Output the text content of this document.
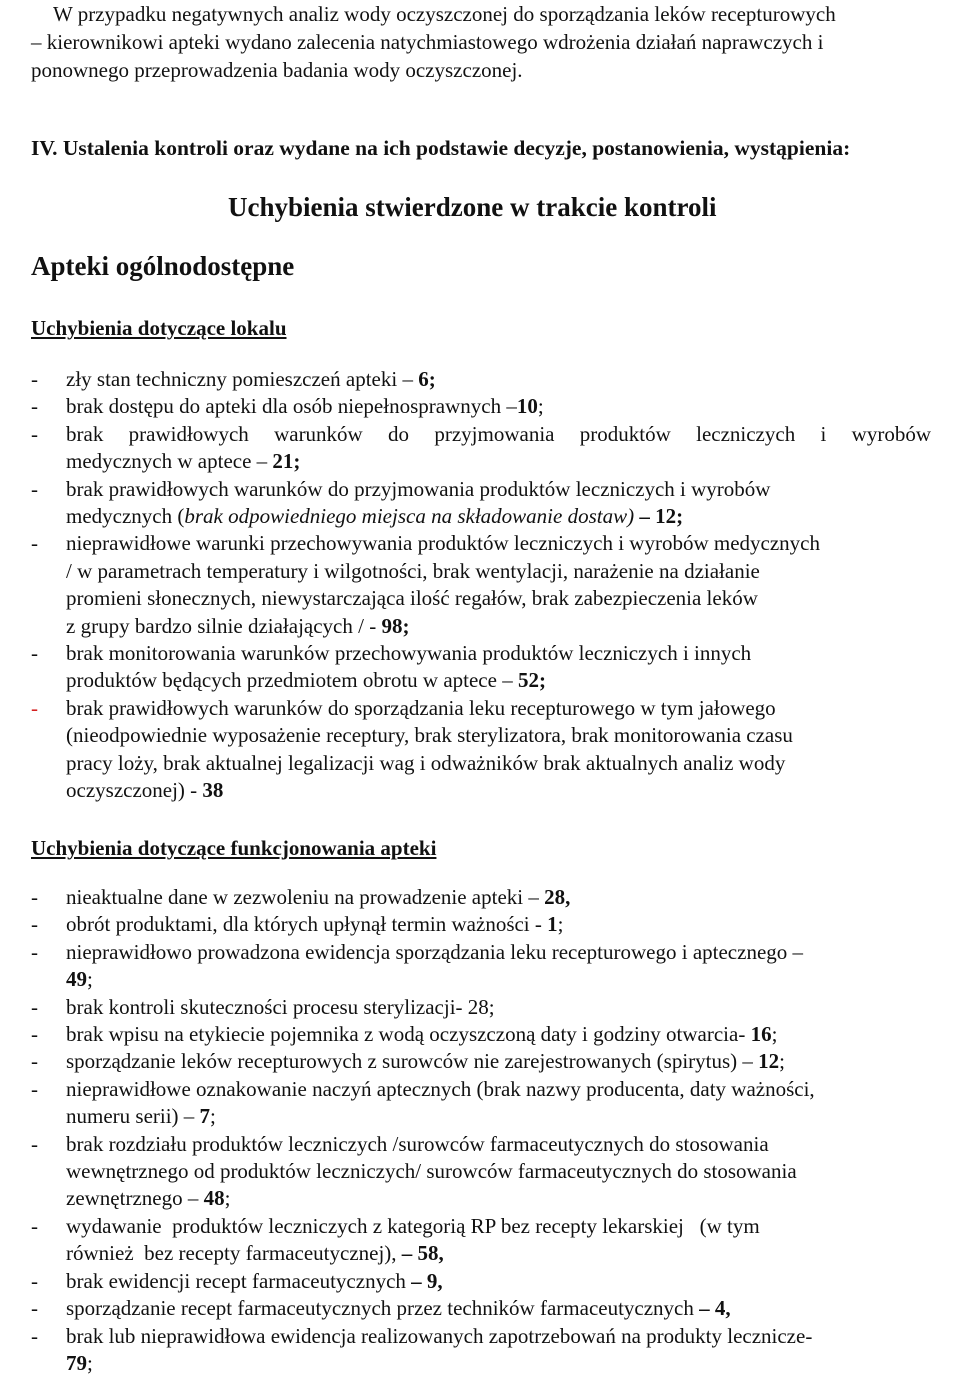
W przypadku negatywnych analiz wody oczyszczonej do sporządzania leków recepturowych
– kierownikowi apteki wydano zalecenia natychmiastowego wdrożenia działań naprawczych i
ponownego przeprowadzenia badania wody oczyszczonej.
IV. Ustalenia kontroli oraz wydane na ich podstawie decyzje, postanowienia, wystąpienia:
Uchybienia stwierdzone w trakcie kontroli
Apteki ogólnodostępne
Uchybienia dotyczące lokalu
-	zły stan techniczny pomieszczeń apteki – 6;
-	brak dostępu do apteki dla osób niepełnosprawnych –10;
-	brak prawidłowych warunków do przyjmowania produktów leczniczych i wyrobów
medycznych w aptece – 21;
-	brak prawidłowych warunków do przyjmowania produktów leczniczych i wyrobów
medycznych (brak odpowiedniego miejsca na składowanie dostaw) – 12;
-	nieprawidłowe warunki przechowywania produktów leczniczych i wyrobów medycznych
/ w parametrach temperatury i wilgotności, brak wentylacji, narażenie na działanie
promieni słonecznych, niewystarczająca ilość regałów, brak zabezpieczenia leków
z grupy bardzo silnie działających / - 98;
-	brak monitorowania warunków przechowywania produktów leczniczych i innych
produktów będących przedmiotem obrotu w aptece – 52;
-	brak prawidłowych warunków do sporządzania leku recepturowego w tym jałowego
(nieodpowiednie wyposażenie receptury, brak sterylizatora, brak monitorowania czasu
pracy loży, brak aktualnej legalizacji wag i odważników brak aktualnych analiz wody
oczyszczonej) - 38
Uchybienia dotyczące funkcjonowania apteki
-	nieaktualne dane w zezwoleniu na prowadzenie apteki – 28,
-	obrót produktami, dla których upłynął termin ważności - 1;
-	nieprawidłowo prowadzona ewidencja sporządzania leku recepturowego i aptecznego –
49;
-	brak kontroli skuteczności procesu sterylizacji- 28;
-	brak wpisu na etykiecie pojemnika z wodą oczyszczoną daty i godziny otwarcia- 16;
-	sporządzanie leków recepturowych z surowców nie zarejestrowanych (spirytus) – 12;
-	nieprawidłowe oznakowanie naczyń aptecznych (brak nazwy producenta, daty ważności,
numeru serii) – 7;
-	brak rozdziału produktów leczniczych /surowców farmaceutycznych do stosowania
wewnętrznego od produktów leczniczych/ surowców farmaceutycznych do stosowania
zewnętrznego – 48;
-	wydawanie  produktów leczniczych z kategorią RP bez recepty lekarskiej   (w tym
również  bez recepty farmaceutycznej), – 58,
-	brak ewidencji recept farmaceutycznych – 9,
-	sporządzanie recept farmaceutycznych przez techników farmaceutycznych – 4,
-	brak lub nieprawidłowa ewidencja realizowanych zapotrzebowań na produkty lecznicze-
79;
